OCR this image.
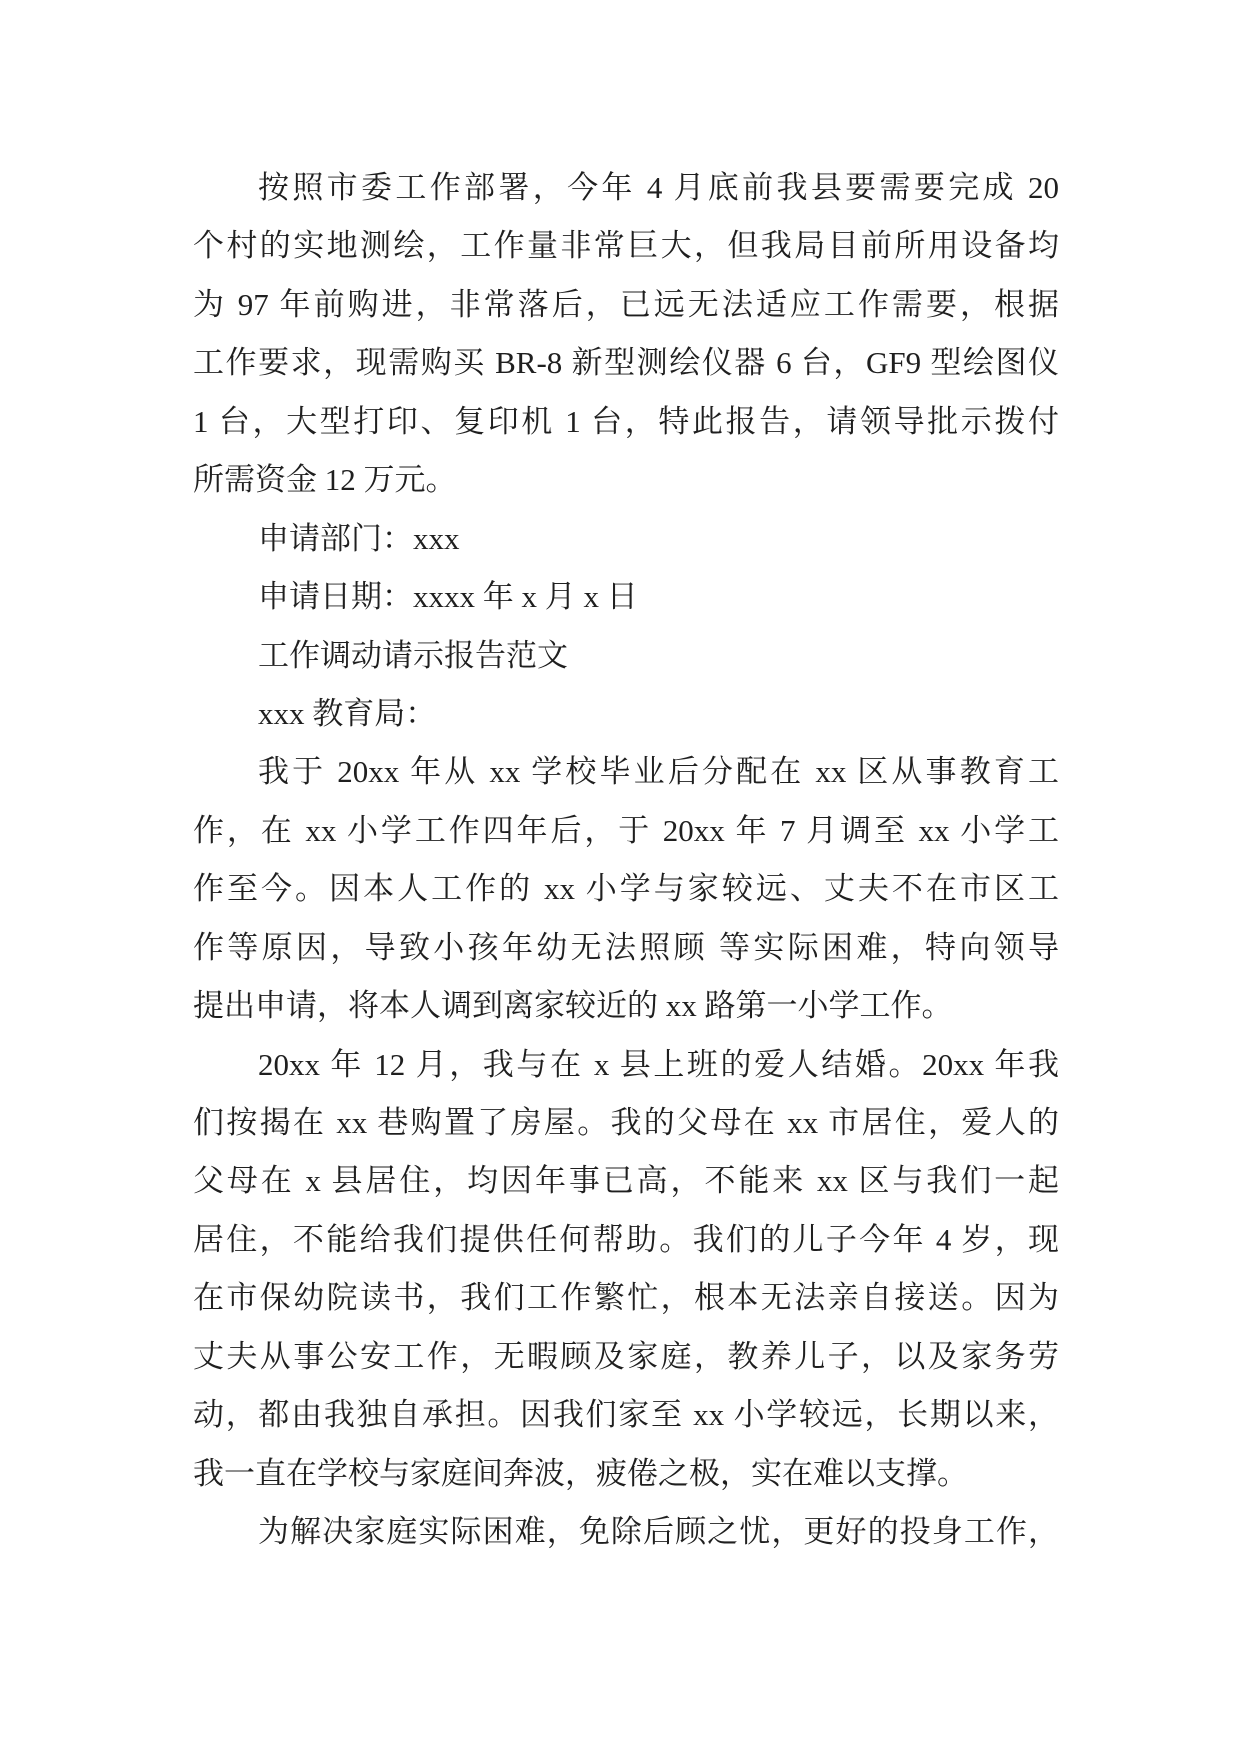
按照市委工作部署，今年 4 月底前我县要需要完成 20
个村的实地测绘，工作量非常巨大，但我局目前所用设备均
为 97 年前购进，非常落后，已远无法适应工作需要，根据
工作要求，现需购买 BR-8 新型测绘仪器 6 台，GF9 型绘图仪
1 台，大型打印、复印机 1 台，特此报告，请领导批示拨付
所需资金 12 万元。
申请部门：xxx
申请日期：xxxx 年 x 月 x 日
工作调动请示报告范文
xxx 教育局：
我于 20xx 年从 xx 学校毕业后分配在 xx 区从事教育工
作，在 xx 小学工作四年后，于 20xx 年 7 月调至 xx 小学工
作至今。因本人工作的 xx 小学与家较远、丈夫不在市区工
作等原因，导致小孩年幼无法照顾 等实际困难，特向领导
提出申请，将本人调到离家较近的 xx 路第一小学工作。
20xx 年 12 月，我与在 x 县上班的爱人结婚。20xx 年我
们按揭在 xx 巷购置了房屋。我的父母在 xx 市居住，爱人的
父母在 x 县居住，均因年事已高，不能来 xx 区与我们一起
居住，不能给我们提供任何帮助。我们的儿子今年 4 岁，现
在市保幼院读书，我们工作繁忙，根本无法亲自接送。因为
丈夫从事公安工作，无暇顾及家庭，教养儿子，以及家务劳
动，都由我独自承担。因我们家至 xx 小学较远，长期以来，
我一直在学校与家庭间奔波，疲倦之极，实在难以支撑。
为解决家庭实际困难，免除后顾之忧，更好的投身工作，
